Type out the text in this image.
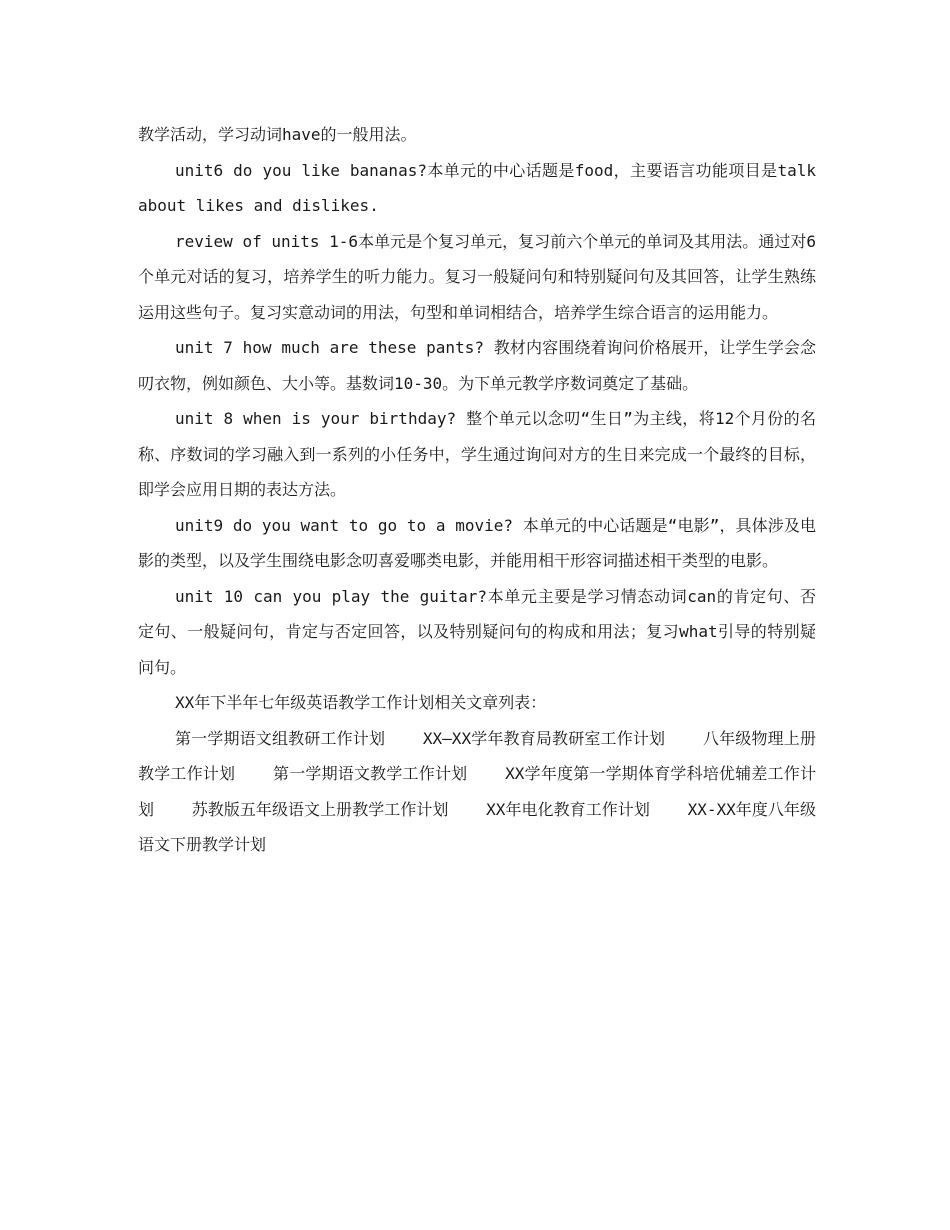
教学活动，学习动词have的一般用法。

unit6 do you like bananas?本单元的中心话题是food，主要语言功能项目是talk about likes and dislikes.

review of units 1-6本单元是个复习单元，复习前六个单元的单词及其用法。通过对6个单元对话的复习，培养学生的听力能力。复习一般疑问句和特别疑问句及其回答，让学生熟练运用这些句子。复习实意动词的用法，句型和单词相结合，培养学生综合语言的运用能力。

unit 7 how much are these pants? 教材内容围绕着询问价格展开，让学生学会念叨衣物，例如颜色、大小等。基数词10-30。为下单元教学序数词奠定了基础。

unit 8 when is your birthday? 整个单元以念叨“生日”为主线，将12个月份的名称、序数词的学习融入到一系列的小任务中，学生通过询问对方的生日来完成一个最终的目标，即学会应用日期的表达方法。

unit9 do you want to go to a movie? 本单元的中心话题是“电影”，具体涉及电影的类型，以及学生围绕电影念叨喜爱哪类电影，并能用相干形容词描述相干类型的电影。

unit 10 can you play the guitar?本单元主要是学习情态动词can的肯定句、否定句、一般疑问句，肯定与否定回答，以及特别疑问句的构成和用法；复习what引导的特别疑问句。

XX年下半年七年级英语教学工作计划相关文章列表：

第一学期语文组教研工作计划 XX—XX学年教育局教研室工作计划 八年级物理上册教学工作计划 第一学期语文教学工作计划 XX学年度第一学期体育学科培优辅差工作计划 苏教版五年级语文上册教学工作计划 XX年电化教育工作计划 XX-XX年度八年级语文下册教学计划
